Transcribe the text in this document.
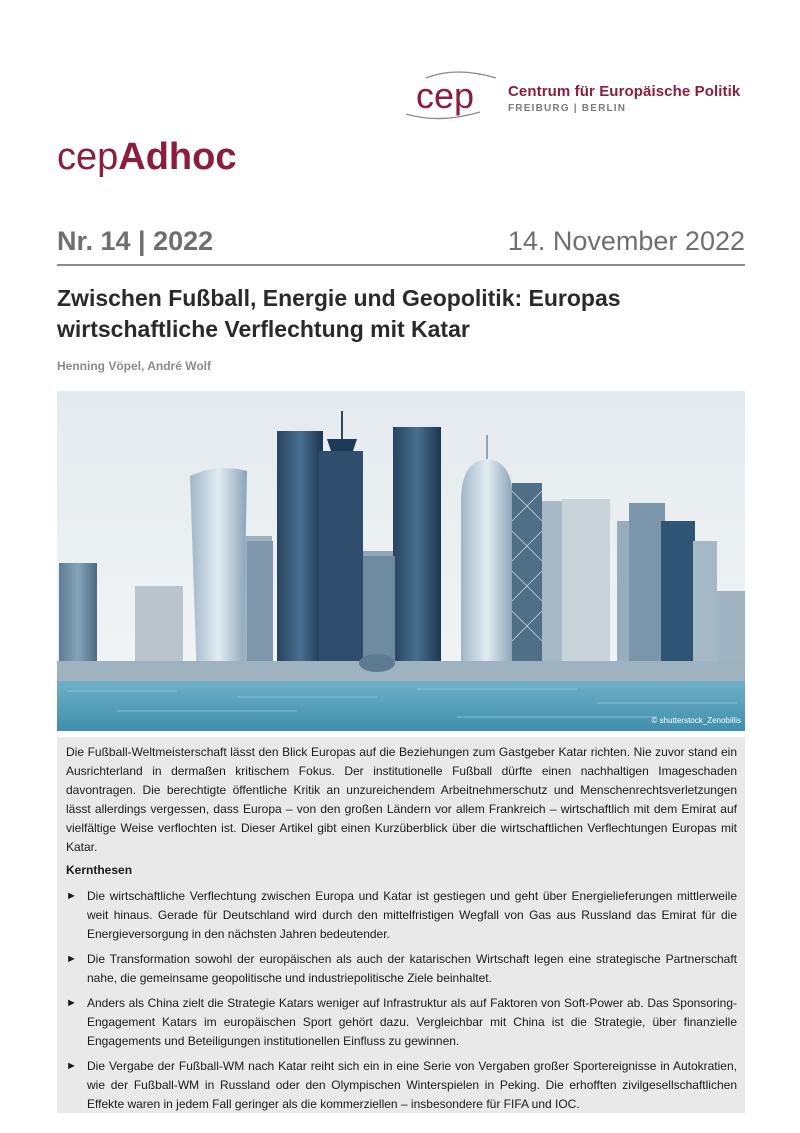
cep Centrum für Europäische Politik
FREIBURG | BERLIN
cepAdhoc
Nr. 14 | 2022	14. November 2022
Zwischen Fußball, Energie und Geopolitik: Europas wirtschaftliche Verflechtung mit Katar
Henning Vöpel, André Wolf
© shutterstock_Zenobillis

Die Fußball-Weltmeisterschaft lässt den Blick Europas auf die Beziehungen zum Gastgeber Katar richten. Nie zuvor stand ein Ausrichterland in dermaßen kritischem Fokus. Der institutionelle Fußball dürfte einen nachhaltigen Imageschaden davontragen. Die berechtigte öffentliche Kritik an unzureichendem Arbeitnehmerschutz und Menschenrechtsverletzungen lässt allerdings vergessen, dass Europa – von den großen Ländern vor allem Frankreich – wirtschaftlich mit dem Emirat auf vielfältige Weise verflochten ist. Dieser Artikel gibt einen Kurzüberblick über die wirtschaftlichen Verflechtungen Europas mit Katar.

Kernthesen
► Die wirtschaftliche Verflechtung zwischen Europa und Katar ist gestiegen und geht über Energielieferungen mittlerweile weit hinaus. Gerade für Deutschland wird durch den mittelfristigen Wegfall von Gas aus Russland das Emirat für die Energieversorgung in den nächsten Jahren bedeutender.
► Die Transformation sowohl der europäischen als auch der katarischen Wirtschaft legen eine strategische Partnerschaft nahe, die gemeinsame geopolitische und industriepolitische Ziele beinhaltet.
► Anders als China zielt die Strategie Katars weniger auf Infrastruktur als auf Faktoren von Soft-Power ab. Das Sponsoring-Engagement Katars im europäischen Sport gehört dazu. Vergleichbar mit China ist die Strategie, über finanzielle Engagements und Beteiligungen institutionellen Einfluss zu gewinnen.
► Die Vergabe der Fußball-WM nach Katar reiht sich ein in eine Serie von Vergaben großer Sportereignisse in Autokratien, wie der Fußball-WM in Russland oder den Olympischen Winterspielen in Peking. Die erhofften zivilgesellschaftlichen Effekte waren in jedem Fall geringer als die kommerziellen – insbesondere für FIFA und IOC.
